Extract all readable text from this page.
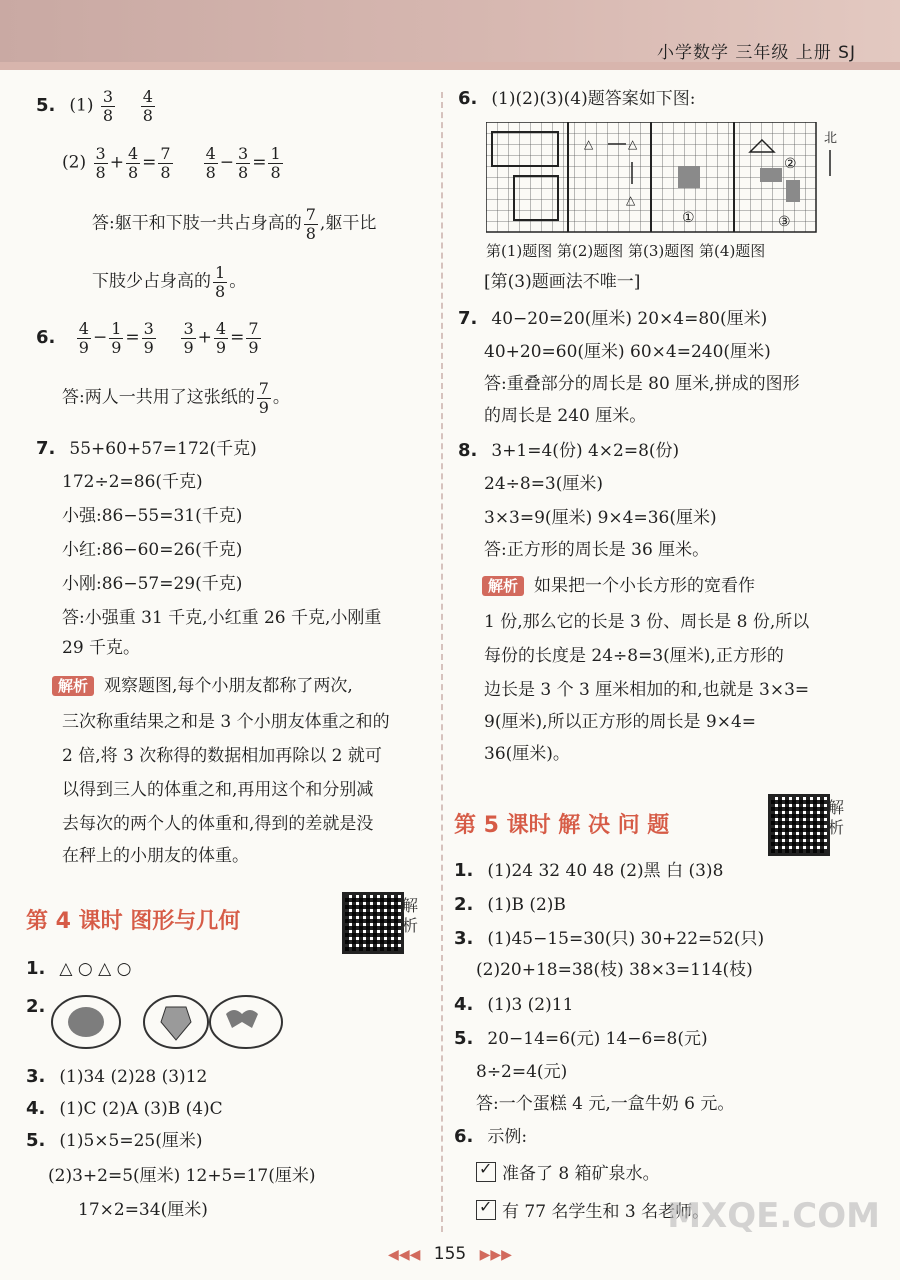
小学数学 三年级 上册 SJ
5. $(1) \frac{3}{8}$
$\frac{4}{8}$
$(2) \frac{3}{8} + \frac{4}{8} = \frac{7}{8}$
$\frac{4}{8} - \frac{3}{8} = \frac{1}{8}$
答:躯干和下肢一共占身高的 $\frac{7}{8}$ ,躯干比
下肢少占身高的 $\frac{1}{8}$ 。
6. $\frac{4}{9} - \frac{1}{9} = \frac{3}{9}$
$\frac{3}{9} + \frac{4}{9} = \frac{7}{9}$
答:两人一共用了这张纸的 $\frac{7}{9}$ 。
7. 55+60+57=172(千克)
172÷2=86(千克)
小强:86−55=31(千克)
小红:86−60=26(千克)
小刚:86−57=29(千克)
答:小强重 31 千克,小红重 26 千克,小刚重
29 千克。
解析 观察题图,每个小朋友都称了两次,
三次称重结果之和是 3 个小朋友体重之和的
2 倍,将 3 次称得的数据相加再除以 2 就可
以得到三人的体重之和,再用这个和分别减
去每次的两个人的体重和,得到的差就是没
在秤上的小朋友的体重。
第 4 课时 图形与几何
解析
1. △ ○ △ ○
2.
3. (1)34 (2)28 (3)12
4. (1)C (2)A (3)B (4)C
5. (1)5×5=25(厘米)
(2)3+2=5(厘米) 12+5=17(厘米)
17×2=34(厘米)
6. (1)(2)(3)(4)题答案如下图:
△	△
△
①
②
③
北
第(1)题图 第(2)题图 第(3)题图 第(4)题图
[第(3)题画法不唯一]
7. 40−20=20(厘米) 20×4=80(厘米)
40+20=60(厘米) 60×4=240(厘米)
答:重叠部分的周长是 80 厘米,拼成的图形
的周长是 240 厘米。
8. 3+1=4(份) 4×2=8(份)
24÷8=3(厘米)
3×3=9(厘米) 9×4=36(厘米)
答:正方形的周长是 36 厘米。
解析 如果把一个小长方形的宽看作
1 份,那么它的长是 3 份、周长是 8 份,所以
每份的长度是 24÷8=3(厘米),正方形的
边长是 3 个 3 厘米相加的和,也就是 3×3=
9(厘米),所以正方形的周长是 9×4=
36(厘米)。
第 5 课时 解 决 问 题
解析
1. (1)24 32 40 48 (2)黑 白 (3)8
2. (1)B (2)B
3. (1)45−15=30(只) 30+22=52(只)
(2)20+18=38(枝) 38×3=114(枝)
4. (1)3 (2)11
5. 20−14=6(元) 14−6=8(元)
8÷2=4(元)
答:一个蛋糕 4 元,一盒牛奶 6 元。
6. 示例:
✓准备了 8 箱矿泉水。
✓有 77 名学生和 3 名老师。
MXQE.COM
◀◀◀ 155 ▶▶▶
